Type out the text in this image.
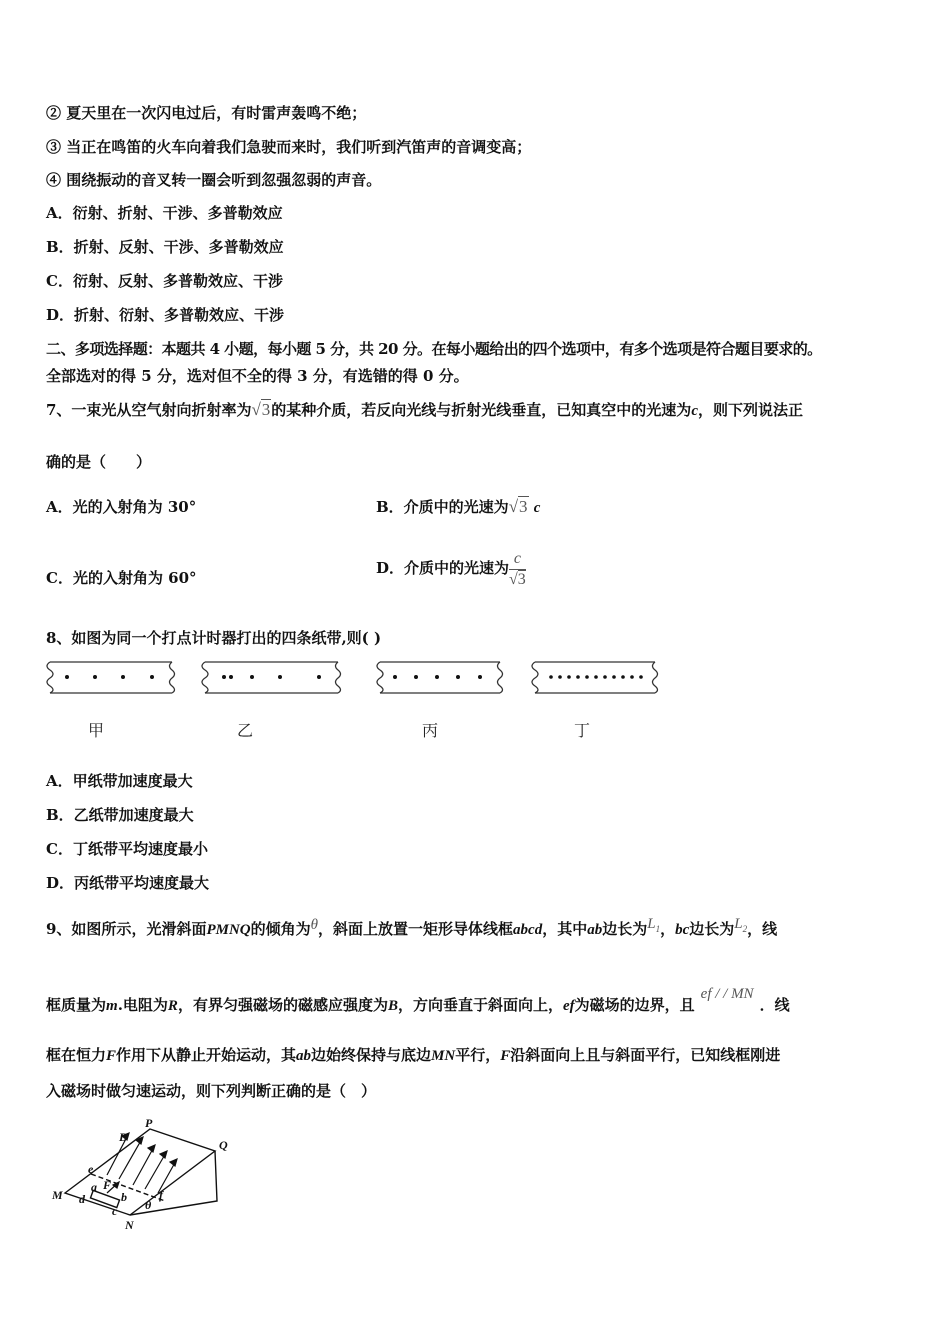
② 夏天里在一次闪电过后，有时雷声轰鸣不绝；
③ 当正在鸣笛的火车向着我们急驶而来时，我们听到汽笛声的音调变高；
④ 围绕振动的音叉转一圈会听到忽强忽弱的声音。
A．衍射、折射、干涉、多普勒效应
B．折射、反射、干涉、多普勒效应
C．衍射、反射、多普勒效应、干涉
D．折射、衍射、多普勒效应、干涉
二、多项选择题：本题共 4 小题，每小题 5 分，共 20 分。在每小题给出的四个选项中，有多个选项是符合题目要求的。
全部选对的得 5 分，选对但不全的得 3 分，有选错的得 0 分。
7、一束光从空气射向折射率为√3的某种介质，若反向光线与折射光线垂直，已知真空中的光速为c，则下列说法正
确的是（　　）
A．光的入射角为 30°	B．介质中的光速为√3 c
C．光的入射角为 60°
D．介质中的光速为 $\frac{c}{√3}$
8、如图为同一个打点计时器打出的四条纸带,则( )
甲	乙	丙	丁
A．甲纸带加速度最大
B．乙纸带加速度最大
C．丁纸带平均速度最小
D．丙纸带平均速度最大
9、如图所示，光滑斜面PMNQ的倾角为θ，斜面上放置一矩形导体线框abcd，其中ab边长为$L_1$，bc边长为$L_2$，线
框质量为m.电阻为R，有界匀强磁场的磁感应强度为B，方向垂直于斜面向上，ef为磁场的边界，且ef / / MN．线
框在恒力F作用下从静止开始运动，其ab边始终保持与底边MN平行，F沿斜面向上且与斜面平行，已知线框刚进
入磁场时做匀速运动，则下列判断正确的是（　）
P
Q
B
e
M
a F
d	b
c θ
f
N
